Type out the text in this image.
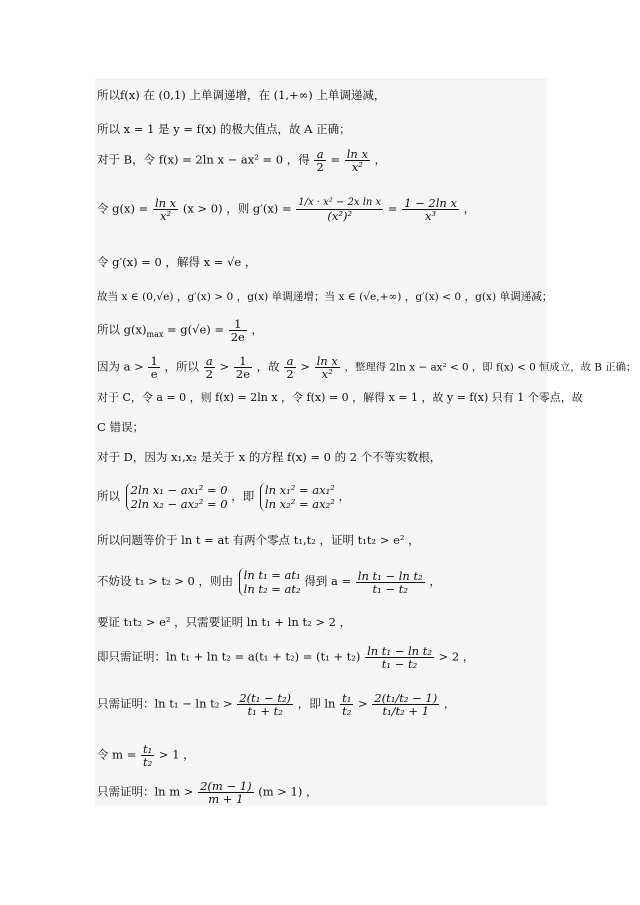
所以f(x) 在 (0,1) 上单调递增，在 (1,+∞) 上单调递减，
所以 x = 1 是 y = f(x) 的极大值点，故 A 正确；
对于 B，令 f(x) = 2ln x − ax² = 0 ，得 $\frac{a}{2} = \frac{\text{ln x}}{\text{x²}}$ ，
令 $g(x) = \frac{\text{ln x}}{\text{x²}} (x > 0)$ ，则 $g'(x) = \frac{\text{1/x · x² − 2x ln x}}{\text{(x²)²}} = \frac{\text{1 − 2ln x}}{\text{x³}}$ ，
令 g′(x) = 0 ，解得 x = √e ，
故当 x ∈ (0,√e) ，g′(x) > 0 ，g(x) 单调递增；当 x ∈ (√e,+∞) ，g′(x) < 0 ，g(x) 单调递减；
所以 $g(x)_{max} = g(√e) = \frac{1}{2e}$ ，
因为 $a > \frac{1}{e}$ ，所以 $\frac{a}{2} > \frac{1}{2e}$ ，故 $\frac{a}{2} > \frac{\text{ln x}}{\text{x²}}$ ，整理得 2ln x − ax² < 0 ，即 f(x) < 0 恒成立，故 B 正确；
对于 C，令 a = 0 ，则 f(x) = 2ln x ，令 f(x) = 0 ，解得 x = 1 ，故 y = f(x) 只有 1 个零点，故
C 错误；
对于 D，因为 x₁,x₂ 是关于 x 的方程 f(x) = 0 的 2 个不等实数根，
所以 2ln x₁ − ax₁² = 0
2ln x₂ − ax₂² = 0 ，即 ln x₁² = ax₁²
ln x₂² = ax₂² ，
所以问题等价于 ln t = at 有两个零点 t₁,t₂ ，证明 t₁t₂ > e² ，
不妨设 t₁ > t₂ > 0 ，则由 ln t₁ = at₁
ln t₂ = at₂ 得到 $a = \frac{\text{ln t₁ − ln t₂}}{\text{t₁ − t₂}}$ ，
要证 t₁t₂ > e² ，只需要证明 ln t₁ + ln t₂ > 2 ，
即只需证明：$\ln t_1 + \ln t_2 = a(t_1 + t_2) = (t_1 + t_2) \frac{\text{ln t₁ − ln t₂}}{\text{t₁ − t₂}} > 2$ ，
只需证明：$\ln t_1 - \ln t_2 > \frac{\text{2(t₁ − t₂)}}{\text{t₁ + t₂}}$ ，即 $\ln \frac{\text{t₁}}{\text{t₂}} > \frac{\text{2(t₁/t₂ − 1)}}{\text{t₁/t₂ + 1}}$ ，
令 $m = \frac{\text{t₁}}{\text{t₂}} > 1$ ，
只需证明：$\ln m > \frac{2(m - 1)}{m + 1} (m > 1)$ ，
